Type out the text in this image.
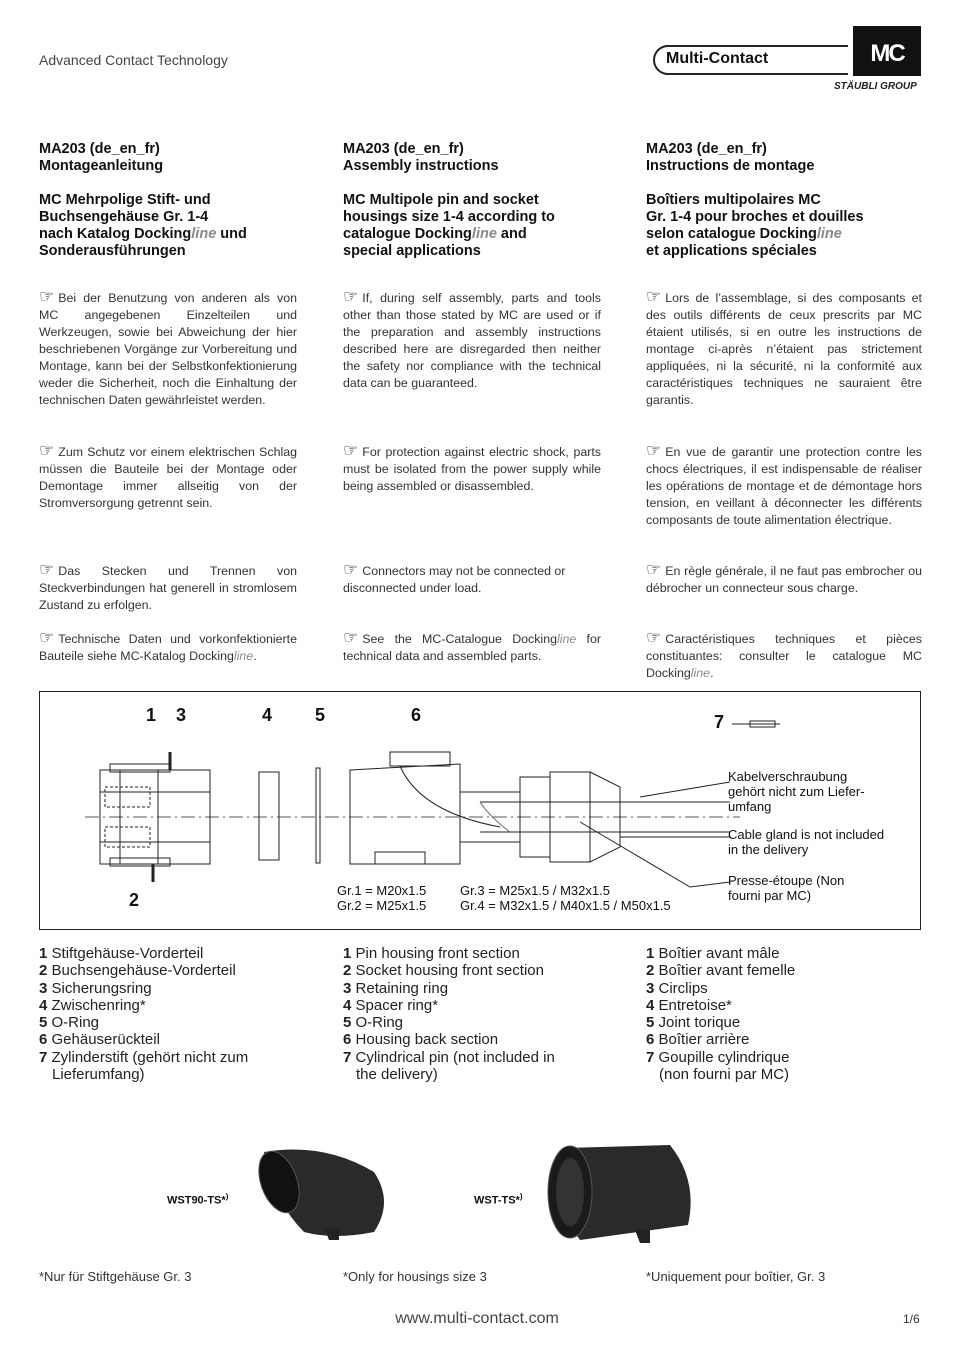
Advanced Contact Technology	Multi-Contact	MC
STÄUBLI GROUP
MA203 (de_en_fr)
Montageanleitung
MC Mehrpolige Stift- und
Buchsengehäuse Gr. 1-4
nach Katalog Dockingline und
Sonderausführungen
☞ Bei der Benutzung von anderen als von MC angegebenen Einzelteilen und Werkzeugen, sowie bei Abweichung der hier beschriebenen Vorgänge zur Vorbereitung und Montage, kann bei der Selbstkonfektionierung weder die Sicherheit, noch die Einhaltung der technischen Daten gewährleistet werden.
☞ Zum Schutz vor einem elektrischen Schlag müssen die Bauteile bei der Montage oder Demontage immer allseitig von der Stromversorgung getrennt sein.
☞ Das Stecken und Trennen von Steckverbindungen hat generell in stromlosem Zustand zu erfolgen.
☞ Technische Daten und vorkonfektionierte Bauteile siehe MC-Katalog Dockingline.
MA203 (de_en_fr)
Assembly instructions
MC Multipole pin and socket
housings size 1-4 according to
catalogue Dockingline and
special applications
☞ If, during self assembly, parts and tools other than those stated by MC are used or if the preparation and assembly instructions described here are disregarded then neither the safety nor compliance with the technical data can be guaranteed.
☞ For protection against electric shock, parts must be isolated from the power supply while being assembled or disassembled.
☞ Connectors may not be connected or disconnected under load.
☞ See the MC-Catalogue Dockingline for technical data and assembled parts.
MA203 (de_en_fr)
Instructions de montage
Boîtiers multipolaires MC
Gr. 1-4 pour broches et douilles
selon catalogue Dockingline
et applications spéciales
☞ Lors de l’assemblage, si des composants et des outils différents de ceux prescrits par MC étaient utilisés, si en outre les instructions de montage ci-après n’étaient pas strictement appliquées, ni la sécurité, ni la conformité aux caractéristiques techniques ne sauraient être garantis.
☞ En vue de garantir une protection contre les chocs électriques, il est indispensable de réaliser les opérations de montage et de démontage hors tension, en veillant à déconnecter les différents composants de toute alimentation électrique.
☞ En règle générale, il ne faut pas embrocher ou débrocher un connecteur sous charge.
☞ Caractéristiques techniques et pièces constituantes: consulter le catalogue MC Dockingline.
1 3	4 5	6	7
2
Kabelverschraubung
gehört nicht zum Liefer-
umfang
Cable gland is not included
in the delivery
Presse-étoupe (Non
fourni par MC)
Gr.1 = M20x1.5
Gr.2 = M25x1.5
Gr.3 = M25x1.5 / M32x1.5
Gr.4 = M32x1.5 / M40x1.5 / M50x1.5
1 Stiftgehäuse-Vorderteil
2 Buchsengehäuse-Vorderteil
3 Sicherungsring
4 Zwischenring*
5 O-Ring
6 Gehäuserückteil
7 Zylinderstift (gehört nicht zum
Lieferumfang)
1 Pin housing front section
2 Socket housing front section
3 Retaining ring
4 Spacer ring*
5 O-Ring
6 Housing back section
7 Cylindrical pin (not included in
the delivery)
1 Boîtier avant mâle
2 Boîtier avant femelle
3 Circlips
4 Entretoise*
5 Joint torique
6 Boîtier arrière
7 Goupille cylindrique
(non fourni par MC)
WST90-TS*)	WST-TS*)
*Nur für Stiftgehäuse Gr. 3	*Only for housings size 3	*Uniquement pour boîtier, Gr. 3
www.multi-contact.com	1/6
